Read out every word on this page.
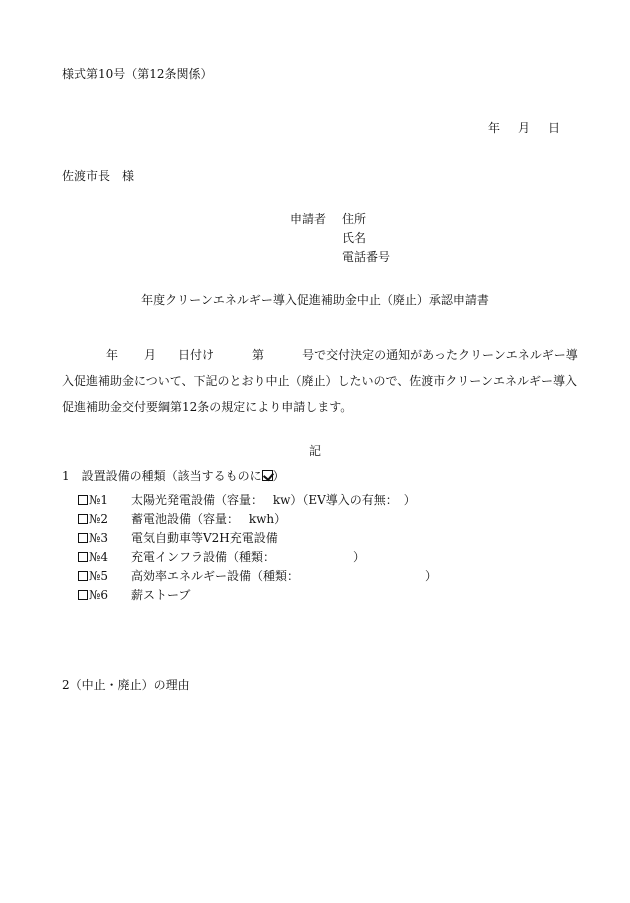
様式第10号（第12条関係）
年 月 日
佐渡市長　様
申請者 住所
氏名
電話番号
年度クリーンエネルギー導入促進補助金中止（廃止）承認申請書
年 月 日付け	第	号で交付決定の通知があったクリーンエネルギー導入促進補助金について、下記のとおり中止（廃止）したいので、佐渡市クリーンエネルギー導入促進補助金交付要綱第12条の規定により申請します。
記
1　設置設備の種類（該当するものに ）
№1 太陽光発電設備（容量：　 kw）（EV導入の有無：　）
№2 蓄電池設備（容量：　 kwh）
№3 電気自動車等V2H充電設備
№4 充電インフラ設備（種類：　　　　　　　）
№5 高効率エネルギー設備（種類：　　　　　　　　　　　）
№6 薪ストーブ
2（中止・廃止）の理由
